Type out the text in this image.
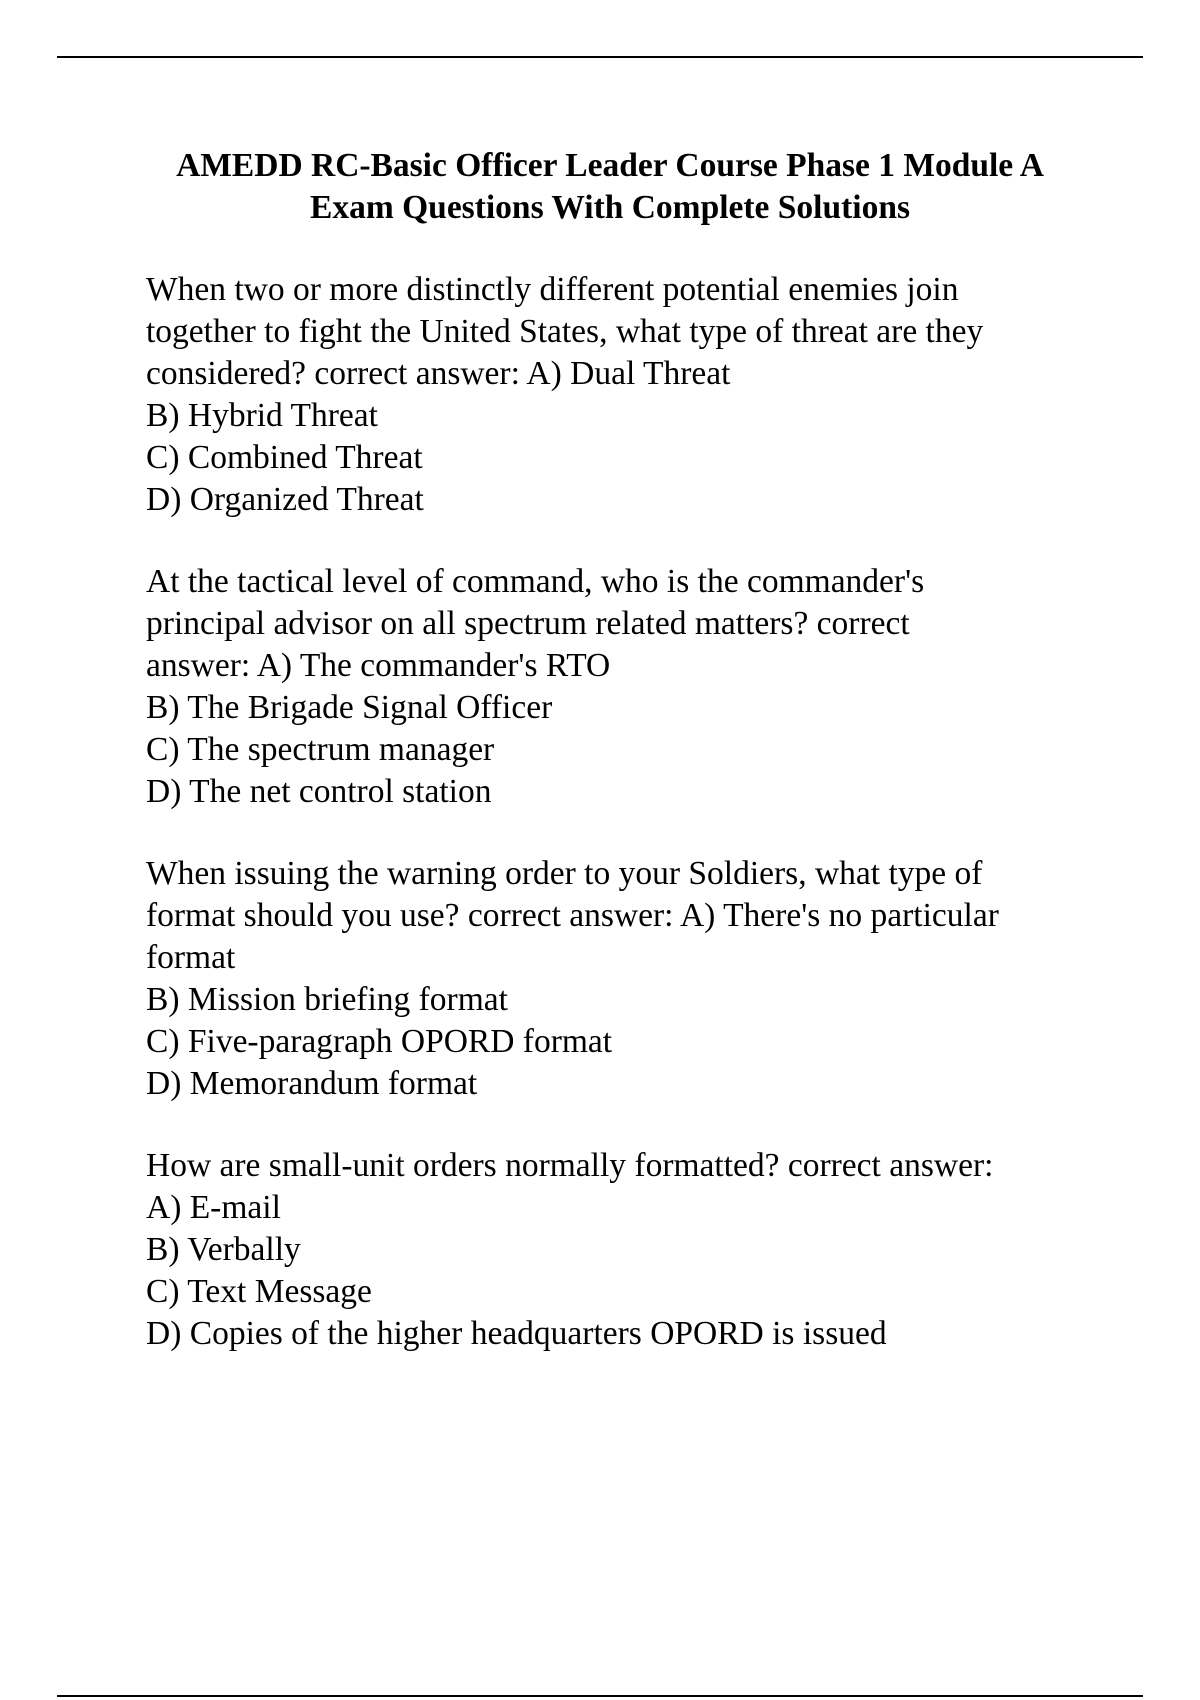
AMEDD RC-Basic Officer Leader Course Phase 1 Module A
Exam Questions With Complete Solutions
When two or more distinctly different potential enemies join
together to fight the United States, what type of threat are they
considered? correct answer: A) Dual Threat
B) Hybrid Threat
C) Combined Threat
D) Organized Threat
At the tactical level of command, who is the commander's
principal advisor on all spectrum related matters? correct
answer: A) The commander's RTO
B) The Brigade Signal Officer
C) The spectrum manager
D) The net control station
When issuing the warning order to your Soldiers, what type of
format should you use? correct answer: A) There's no particular
format
B) Mission briefing format
C) Five-paragraph OPORD format
D) Memorandum format
How are small-unit orders normally formatted? correct answer:
A) E-mail
B) Verbally
C) Text Message
D) Copies of the higher headquarters OPORD is issued
